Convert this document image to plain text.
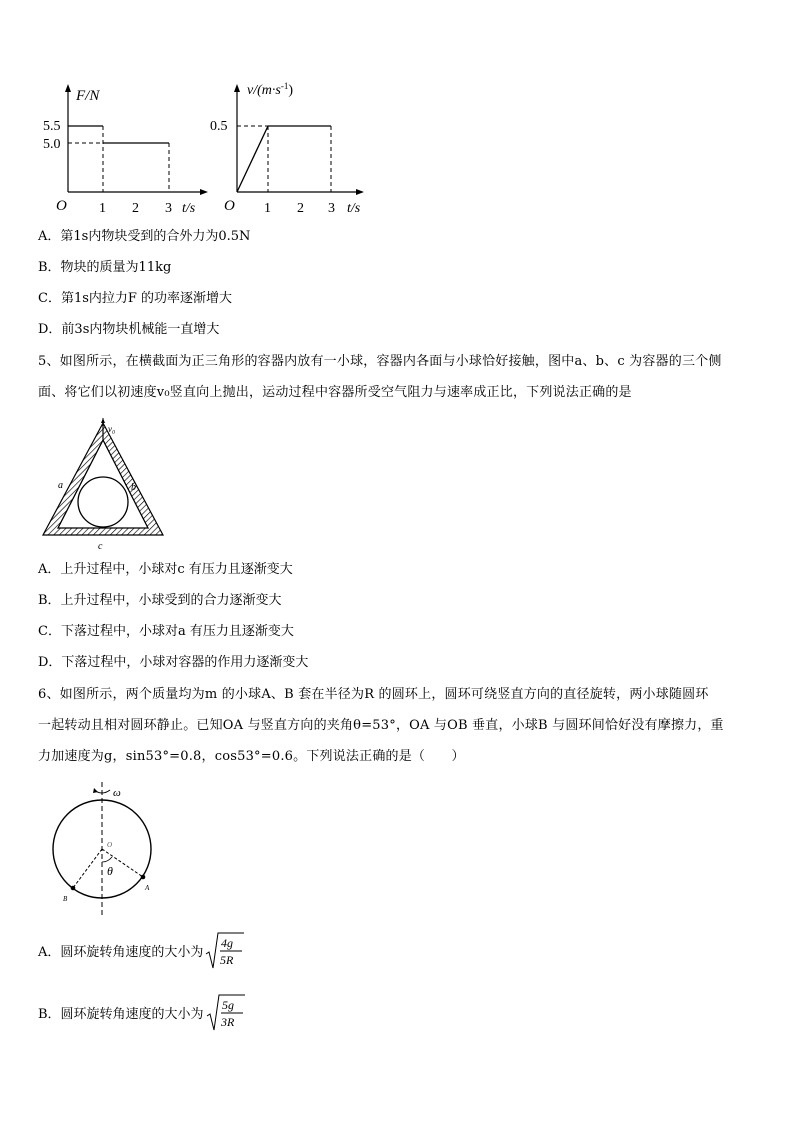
F/N
5.5
5.0
O 1 2 3 t/s
$v/(m\cdot s^{-1})$
0.5
O 1 2 3 t/s
A．第1s内物块受到的合外力为0.5N
B．物块的质量为11kg
C．第1s内拉力F 的功率逐渐增大
D．前3s内物块机械能一直增大
5、如图所示，在横截面为正三角形的容器内放有一小球，容器内各面与小球恰好接触，图中a、b、c 为容器的三个侧
面、将它们以初速度v₀竖直向上抛出，运动过程中容器所受空气阻力与速率成正比，下列说法正确的是
v₀
a	b
c
A．上升过程中，小球对c 有压力且逐渐变大
B．上升过程中，小球受到的合力逐渐变大
C．下落过程中，小球对a 有压力且逐渐变大
D．下落过程中，小球对容器的作用力逐渐变大
6、如图所示，两个质量均为m 的小球A、B 套在半径为R 的圆环上，圆环可绕竖直方向的直径旋转，两小球随圆环
一起转动且相对圆环静止。已知OA 与竖直方向的夹角θ=53°，OA 与OB 垂直，小球B 与圆环间恰好没有摩擦力，重
力加速度为g，sin53°=0.8，cos53°=0.6。下列说法正确的是（　　）
ω
θ
A
B
O
A．圆环旋转角速度的大小为
4g
5R
B．圆环旋转角速度的大小为
5g
3R
